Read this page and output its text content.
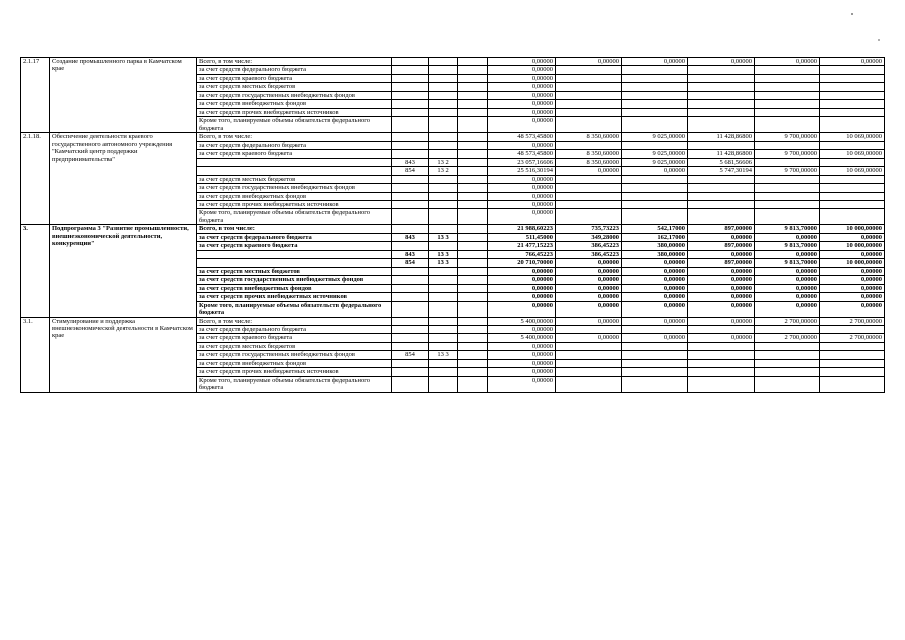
2.1.17	Создание промышленного парка в Камчатском крае	Всего, в том числе:				0,00000	0,00000	0,00000	0,00000	0,00000	0,00000
		за счет средств федерального бюджета				0,00000					
		за счет средств краевого бюджета				0,00000					
		за счет средств местных бюджетов				0,00000					
		за счет средств государственных внебюджетных фондов				0,00000					
		за счет средств внебюджетных фондов				0,00000					
		за счет средств прочих внебюджетных источников				0,00000					
		Кроме того, планируемые объемы обязательств федерального бюджета				0,00000					
2.1.18.	Обеспечение деятельности краевого государственного автономного учреждения "Камчатский центр поддержки предпринимательства"	Всего, в том числе:				48 573,45800	8 350,60000	9 025,00000	11 428,86800	9 700,00000	10 069,00000
		за счет средств федерального бюджета				0,00000					
		за счет средств краевого бюджета				48 573,45800	8 350,60000	9 025,00000	11 428,86800	9 700,00000	10 069,00000
			843	13 2		23 057,16606	8 350,60000	9 025,00000	5 681,56606		
			854	13 2		25 516,30194	0,00000	0,00000	5 747,30194	9 700,00000	10 069,00000
		за счет средств местных бюджетов				0,00000					
		за счет средств государственных внебюджетных фондов				0,00000					
		за счет средств внебюджетных фондов				0,00000					
		за счет средств прочих внебюджетных источников				0,00000					
		Кроме того, планируемые объемы обязательств федерального бюджета				0,00000					
3.	Подпрограмма 3 "Развитие промышленности, внешнеэкономической деятельности, конкуренции"	Всего, в том числе:				21 988,60223	735,73223	542,17000	897,00000	9 813,70000	10 000,00000
		за счет средств федерального бюджета	843	13 3		511,45000	349,28000	162,17000	0,00000	0,00000	0,00000
		за счет средств краевого бюджета				21 477,15223	386,45223	380,00000	897,00000	9 813,70000	10 000,00000
			843	13 3		766,45223	386,45223	380,00000	0,00000	0,00000	0,00000
			854	13 3		20 710,70000	0,00000	0,00000	897,00000	9 813,70000	10 000,00000
		за счет средств местных бюджетов				0,00000	0,00000	0,00000	0,00000	0,00000	0,00000
		за счет средств государственных внебюджетных фондов				0,00000	0,00000	0,00000	0,00000	0,00000	0,00000
		за счет средств внебюджетных фондов				0,00000	0,00000	0,00000	0,00000	0,00000	0,00000
		за счет средств прочих внебюджетных источников				0,00000	0,00000	0,00000	0,00000	0,00000	0,00000
		Кроме того, планируемые объемы обязательств федерального бюджета				0,00000	0,00000	0,00000	0,00000	0,00000	0,00000
3.1.	Стимулирование и поддержка внешнеэкономической деятельности в Камчатском крае	Всего, в том числе:				5 400,00000	0,00000	0,00000	0,00000	2 700,00000	2 700,00000
		за счет средств федерального бюджета				0,00000					
		за счет средств краевого бюджета				5 400,00000	0,00000	0,00000	0,00000	2 700,00000	2 700,00000
		за счет средств местных бюджетов				0,00000					
		за счет средств государственных внебюджетных фондов	854	13 3		0,00000					
		за счет средств внебюджетных фондов				0,00000					
		за счет средств прочих внебюджетных источников				0,00000					
		Кроме того, планируемые объемы обязательств федерального бюджета				0,00000					
